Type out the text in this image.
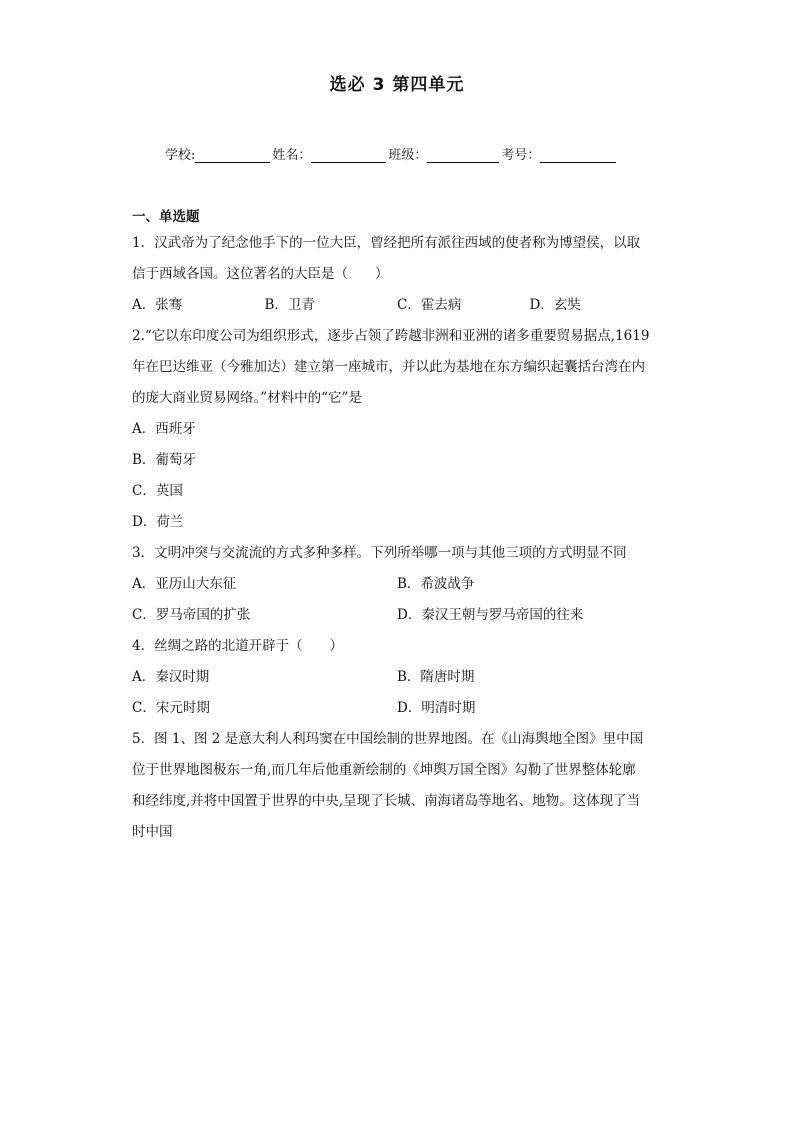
选必 3 第四单元
学校:	姓名：	班级：	考号：
一、单选题
1．汉武帝为了纪念他手下的一位大臣，曾经把所有派往西域的使者称为博望侯，以取
信于西域各国。这位著名的大臣是（　　）
A．张骞	B．卫青	C．霍去病	D．玄奘
2.“它以东印度公司为组织形式，逐步占领了跨越非洲和亚洲的诸多重要贸易据点,1619
年在巴达维亚（今雅加达）建立第一座城市，并以此为基地在东方编织起囊括台湾在内
的庞大商业贸易网络。”材料中的“它”是
A．西班牙
B．葡萄牙
C．英国
D．荷兰
3．文明冲突与交流流的方式多种多样。下列所举哪一项与其他三项的方式明显不同
A．亚历山大东征	B．希波战争
C．罗马帝国的扩张	D．秦汉王朝与罗马帝国的往来
4．丝绸之路的北道开辟于（　　）
A．秦汉时期	B．隋唐时期
C．宋元时期	D．明清时期
5．图 1、图 2 是意大利人利玛窦在中国绘制的世界地图。在《山海舆地全图》里中国
位于世界地图极东一角,而几年后他重新绘制的《坤舆万国全图》勾勒了世界整体轮廓
和经纬度,并将中国置于世界的中央,呈现了长城、南海诸岛等地名、地物。这体现了当
时中国
